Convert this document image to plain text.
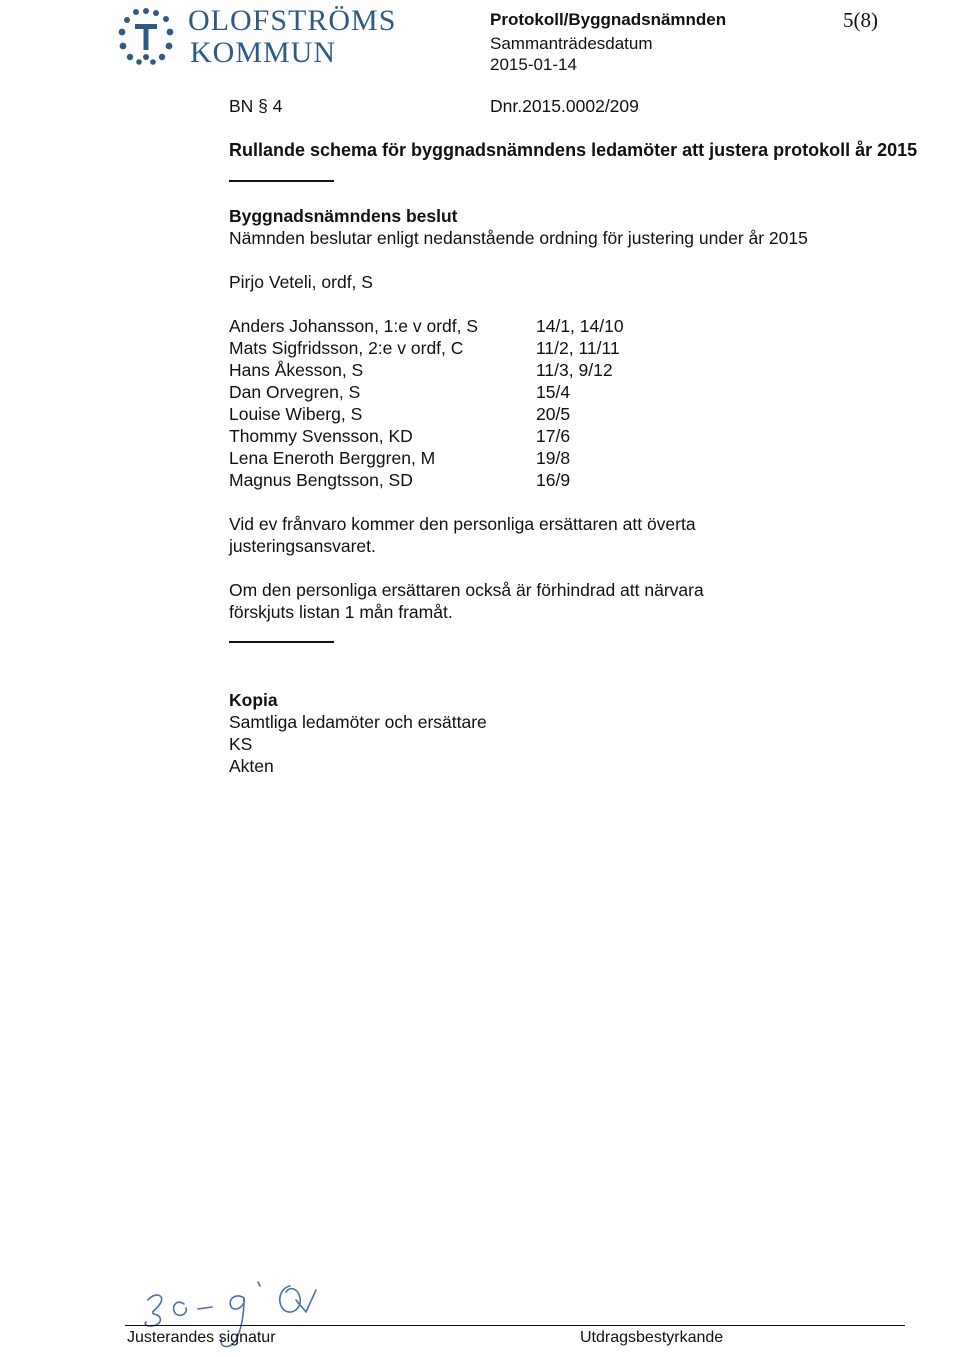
OLOFSTRÖMS
KOMMUN
Protokoll/Byggnadsnämnden	5(8)
Sammanträdesdatum
2015-01-14
BN § 4	Dnr.2015.0002/209
Rullande schema för byggnadsnämndens ledamöter att justera protokoll år 2015
Byggnadsnämndens beslut
Nämnden beslutar enligt nedanstående ordning för justering under år 2015
Pirjo Veteli, ordf, S
Anders Johansson, 1:e v ordf, S	14/1, 14/10
Mats Sigfridsson, 2:e v ordf, C	11/2, 11/11
Hans Åkesson, S	11/3, 9/12
Dan Orvegren, S	15/4
Louise Wiberg, S	20/5
Thommy Svensson, KD	17/6
Lena Eneroth Berggren, M	19/8
Magnus Bengtsson, SD	16/9
Vid ev frånvaro kommer den personliga ersättaren att överta
justeringsansvaret.
Om den personliga ersättaren också är förhindrad att närvara
förskjuts listan 1 mån framåt.
Kopia
Samtliga ledamöter och ersättare
KS
Akten
Justerandes signatur	Utdragsbestyrkande
